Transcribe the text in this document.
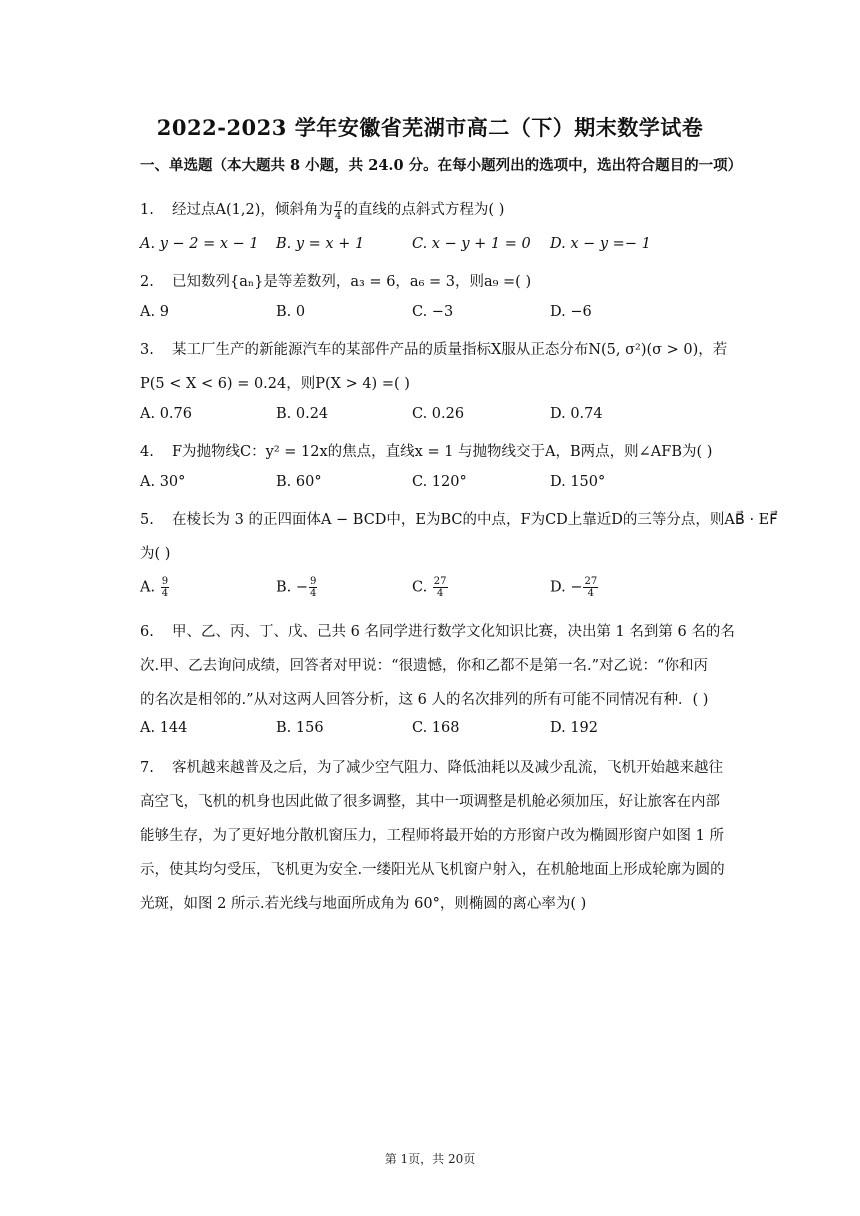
2022-2023 学年安徽省芜湖市高二（下）期末数学试卷
一、单选题（本大题共 8 小题，共 24.0 分。在每小题列出的选项中，选出符合题目的一项）
1. 经过点A(1,2)，倾斜角为 $\frac{\pi}{4}$ 的直线的点斜式方程为( )
A. y − 2 = x − 1 B. y = x + 1	C. x − y + 1 = 0 D. x − y =− 1
2. 已知数列{aₙ}是等差数列，a₃ = 6，a₆ = 3，则a₉ =( )
A. 9	B. 0	C. −3	D. −6
3. 某工厂生产的新能源汽车的某部件产品的质量指标X服从正态分布N(5, σ²)(σ > 0)，若
P(5 < X < 6) = 0.24，则P(X > 4) =( )
A. 0.76	B. 0.24	C. 0.26	D. 0.74
4. F为抛物线C：y² = 12x的焦点，直线x = 1 与抛物线交于A，B两点，则∠AFB为( )
A. 30°	B. 60°	C. 120°	D. 150°
5. 在棱长为 3 的正四面体A − BCD中，E为BC的中点，F为CD上靠近D的三等分点，则AB⃗ · EF⃗
为( )
A. $\frac{9}{4}$	B. − $\frac{9}{4}$	C. $\frac{27}{4}$	D. − $\frac{27}{4}$
6. 甲、乙、丙、丁、戊、己共 6 名同学进行数学文化知识比赛，决出第 1 名到第 6 名的名
次.甲、乙去询问成绩，回答者对甲说：“很遗憾，你和乙都不是第一名.”对乙说：“你和丙
的名次是相邻的.”从对这两人回答分析，这 6 人的名次排列的所有可能不同情况有种．( )
A. 144	B. 156	C. 168	D. 192
7. 客机越来越普及之后，为了减少空气阻力、降低油耗以及减少乱流，飞机开始越来越往
高空飞，飞机的机身也因此做了很多调整，其中一项调整是机舱必须加压，好让旅客在内部
能够生存，为了更好地分散机窗压力，工程师将最开始的方形窗户改为椭圆形窗户如图 1 所
示，使其均匀受压，飞机更为安全.一缕阳光从飞机窗户射入，在机舱地面上形成轮廓为圆的
光斑，如图 2 所示.若光线与地面所成角为 60°，则椭圆的离心率为( )
第 1页，共 20页
